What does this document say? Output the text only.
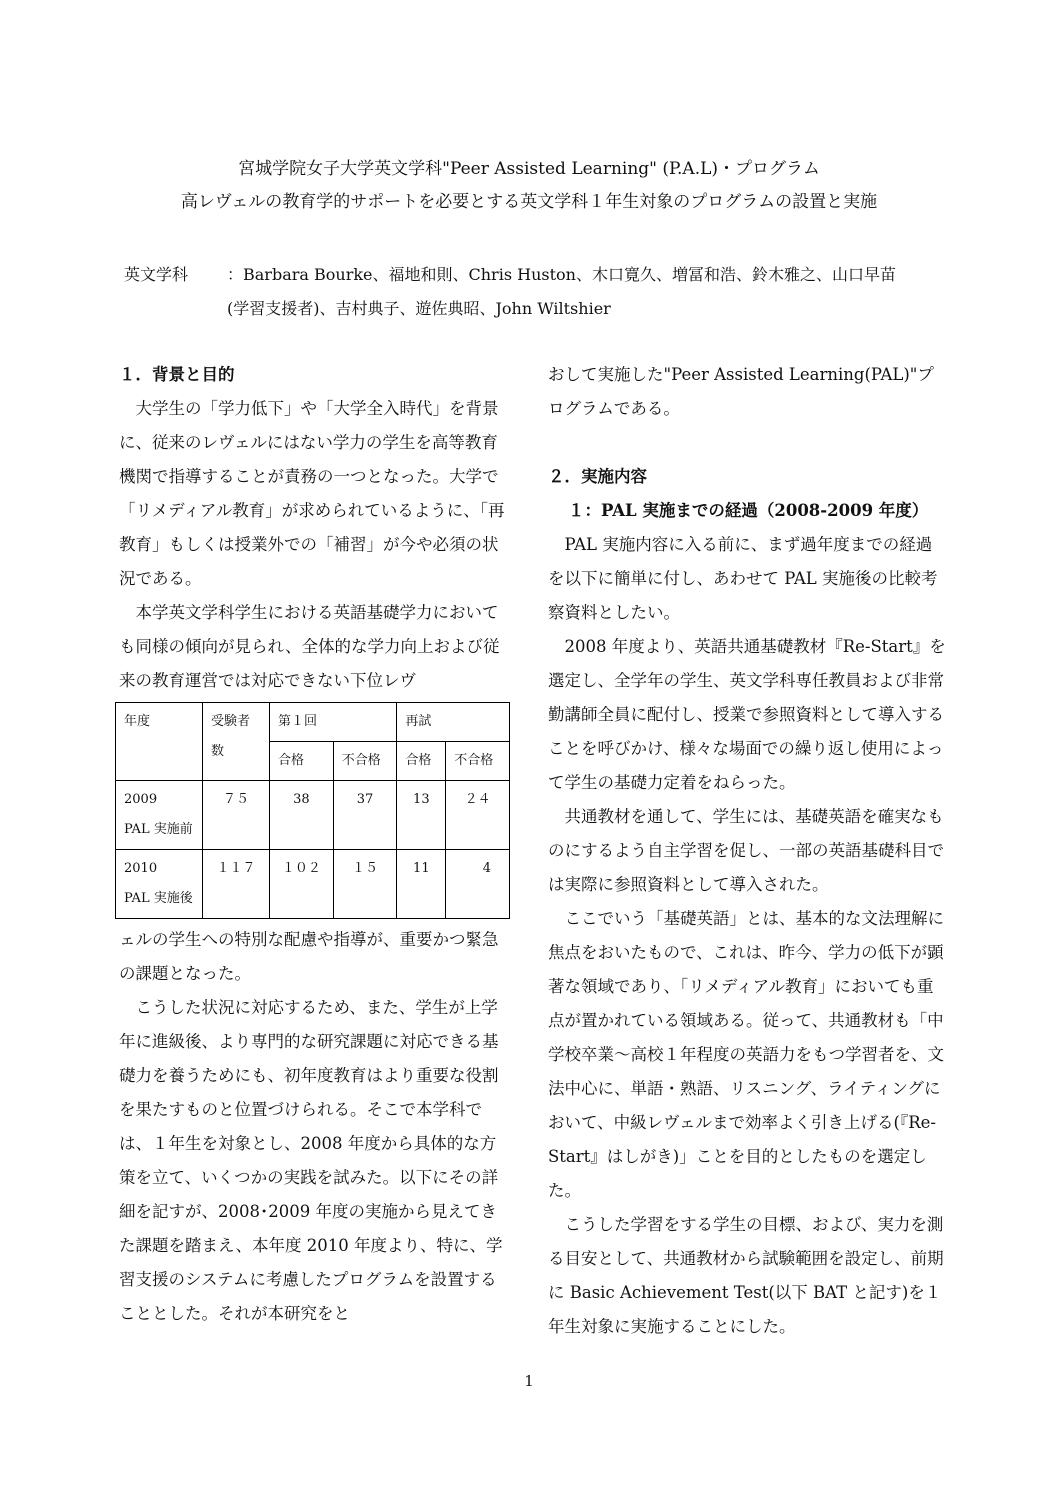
宮城学院女子大学英文学科"Peer Assisted Learning" (P.A.L)・プログラム
高レヴェルの教育学的サポートを必要とする英文学科１年生対象のプログラムの設置と実施
英文学科 ：Barbara Bourke、福地和則、Chris Huston、木口寛久、増冨和浩、鈴木雅之、山口早苗
(学習支援者)、吉村典子、遊佐典昭、John Wiltshier

１．背景と目的

大学生の「学力低下」や「大学全入時代」を背景に、従来のレヴェルにはない学力の学生を高等教育機関で指導することが責務の一つとなった。大学で「リメディアル教育」が求められているように、「再教育」もしくは授業外での「補習」が今や必須の状況である。

本学英文学科学生における英語基礎学力においても同様の傾向が見られ、全体的な学力向上および従来の教育運営では対応できない下位レヴ

年度	受験者数	第１回		再試	
		合格	不合格	合格	不合格

2009
PAL 実施前	７５	38	37	13	２４

2010
PAL 実施後	１１７	１０２	１５	11	4

ェルの学生への特別な配慮や指導が、重要かつ緊急の課題となった。

こうした状況に対応するため、また、学生が上学年に進級後、より専門的な研究課題に対応できる基礎力を養うためにも、初年度教育はより重要な役割を果たすものと位置づけられる。そこで本学科では、１年生を対象とし、2008 年度から具体的な方策を立て、いくつかの実践を試みた。以下にその詳細を記すが、2008･2009 年度の実施から見えてきた課題を踏まえ、本年度 2010 年度より、特に、学習支援のシステムに考慮したプログラムを設置することとした。それが本研究をと

おして実施した"Peer Assisted Learning(PAL)"プログラムである。

２．実施内容

１：PAL 実施までの経過（2008-2009 年度）

PAL 実施内容に入る前に、まず過年度までの経過を以下に簡単に付し、あわせて PAL 実施後の比較考察資料としたい。

2008 年度より、英語共通基礎教材『Re-Start』を選定し、全学年の学生、英文学科専任教員および非常勤講師全員に配付し、授業で参照資料として導入することを呼びかけ、様々な場面での繰り返し使用によって学生の基礎力定着をねらった。

共通教材を通して、学生には、基礎英語を確実なものにするよう自主学習を促し、一部の英語基礎科目では実際に参照資料として導入された。

ここでいう「基礎英語」とは、基本的な文法理解に焦点をおいたもので、これは、昨今、学力の低下が顕著な領域であり、「リメディアル教育」においても重点が置かれている領域ある。従って、共通教材も「中学校卒業～高校１年程度の英語力をもつ学習者を、文法中心に、単語・熟語、リスニング、ライティングにおいて、中級レヴェルまで効率よく引き上げる(『Re-Start』はしがき)」ことを目的としたものを選定した。

こうした学習をする学生の目標、および、実力を測る目安として、共通教材から試験範囲を設定し、前期に Basic Achievement Test(以下 BAT と記す)を１年生対象に実施することにした。

1
